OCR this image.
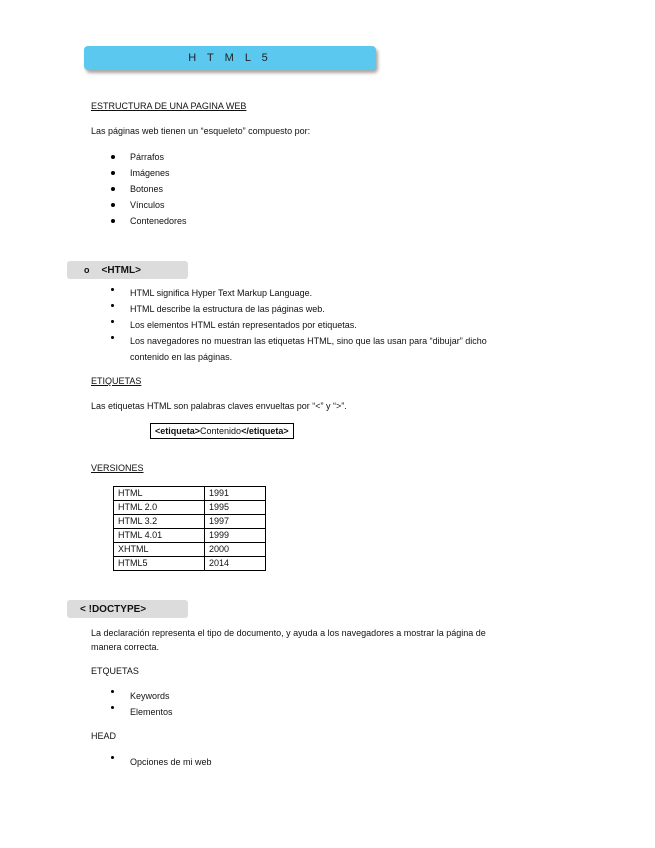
H T M L 5
ESTRUCTURA DE UNA PAGINA WEB
Las páginas web tienen un “esqueleto” compuesto por:
Párrafos
Imágenes
Botones
Vínculos
Contenedores
o <HTML>
HTML significa Hyper Text Markup Language.
HTML describe la estructura de las páginas web.
Los elementos HTML están representados por etiquetas.
Los navegadores no muestran las etiquetas HTML, sino que las usan para “dibujar” dicho
contenido en las páginas.
ETIQUETAS
Las etiquetas HTML son palabras claves envueltas por “<” y “>”.
<etiqueta> Contenido </etiqueta>
VERSIONES
HTML	1991
HTML 2.0	1995
HTML 3.2	1997
HTML 4.01	1999
XHTML	2000
HTML5	2014
< !DOCTYPE>
La declaración representa el tipo de documento, y ayuda a los navegadores a mostrar la página de
manera correcta.
ETQUETAS
Keywords
Elementos
HEAD
Opciones de mi web
